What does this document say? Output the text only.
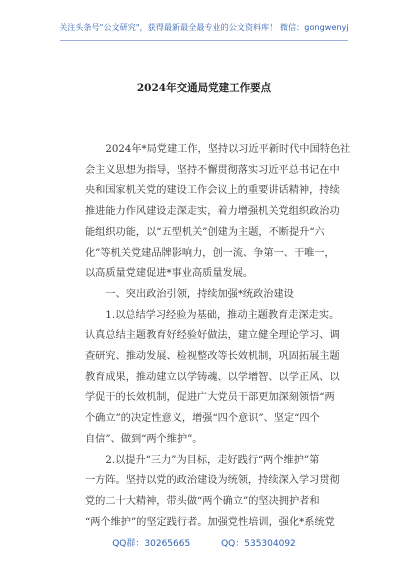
关注头条号"公文研究"，获得最新最全最专业的公文资料库！ 微信：gongwenyj
2024年交通局党建工作要点
2024年*局党建工作，坚持以习近平新时代中国特色社
会主义思想为指导，坚持不懈贯彻落实习近平总书记在中
央和国家机关党的建设工作会议上的重要讲话精神，持续
推进能力作风建设走深走实，着力增强机关党组织政治功
能组织功能，以“五型机关”创建为主题，不断提升“六
化”等机关党建品牌影响力，创一流、争第一、干唯一，
以高质量党建促进*事业高质量发展。
一、突出政治引领，持续加强*统政治建设
1.以总结学习经验为基础，推动主题教育走深走实。
认真总结主题教育好经验好做法，建立健全理论学习、调
查研究、推动发展、检视整改等长效机制，巩固拓展主题
教育成果，推动建立以学铸魂、以学增智、以学正风、以
学促干的长效机制，促进广大党员干部更加深刻领悟“两
个确立”的决定性意义，增强“四个意识”、坚定“四个
自信”、做到“两个维护”。
2.以提升“三力”为目标，走好践行“两个维护”第
一方阵。坚持以党的政治建设为统领，持续深入学习贯彻
党的二十大精神，带头做“两个确立”的坚决拥护者和
“两个维护”的坚定践行者。加强党性培训，强化*系统党
QQ群：30265665	QQ：535304092
